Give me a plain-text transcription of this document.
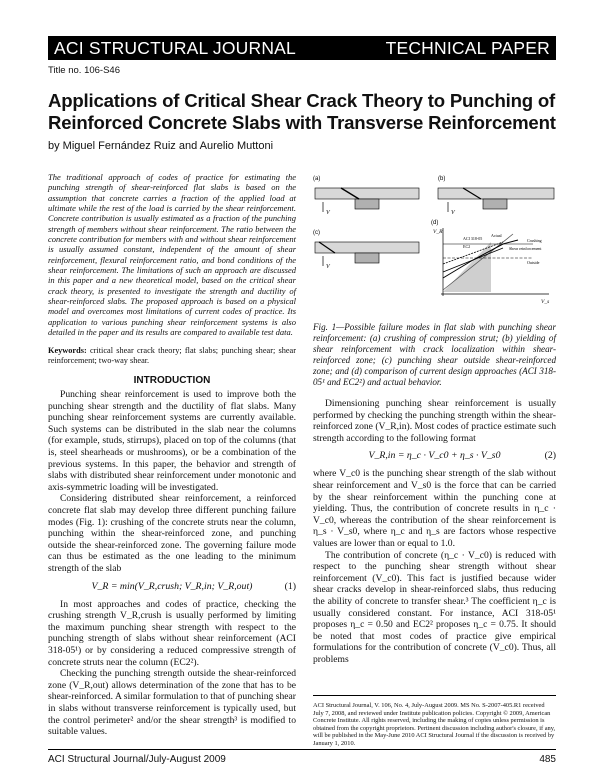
ACI STRUCTURAL JOURNAL	TECHNICAL PAPER
Title no. 106-S46
Applications of Critical Shear Crack Theory to Punching of Reinforced Concrete Slabs with Transverse Reinforcement
by Miguel Fernández Ruiz and Aurelio Muttoni

The traditional approach of codes of practice for estimating the punching strength of shear-reinforced flat slabs is based on the assumption that concrete carries a fraction of the applied load at ultimate while the rest of the load is carried by the shear reinforcement. Concrete contribution is usually estimated as a fraction of the punching strength of members without shear reinforcement. The ratio between the concrete contribution for members with and without shear reinforcement is usually assumed constant, independent of the amount of shear reinforcement, flexural reinforcement ratio, and bond conditions of the shear reinforcement. The limitations of such an approach are discussed in this paper and a new theoretical model, based on the critical shear crack theory, is presented to investigate the strength and ductility of shear-reinforced slabs. The proposed approach is based on a physical model and overcomes most limitations of current codes of practice. Its application to various punching shear reinforcement systems is also detailed in the paper and its results are compared to available test data.

Keywords: critical shear crack theory; flat slabs; punching shear; shear reinforcement; two-way shear.

INTRODUCTION

Punching shear reinforcement is used to improve both the punching shear strength and the ductility of flat slabs. Many punching shear reinforcement systems are currently available. Such systems can be distributed in the slab near the columns (for example, studs, stirrups), placed on top of the columns (that is, steel shearheads or mushrooms), or be a combination of the previous systems. In this paper, the behavior and strength of slabs with distributed shear reinforcement under monotonic and axis-symmetric loading will be investigated.

Considering distributed shear reinforcement, a reinforced concrete flat slab may develop three different punching failure modes (Fig. 1): crushing of the concrete struts near the column, punching within the shear-reinforced zone, and punching outside the shear-reinforced zone. The governing failure mode can thus be estimated as the one leading to the minimum strength of the slab

V_R = min(V_R,crush; V_R,in; V_R,out)	(1)

In most approaches and codes of practice, checking the crushing strength V_R,crush is usually performed by limiting the maximum punching shear strength with respect to the punching strength of slabs without shear reinforcement (ACI 318-05¹) or by considering a reduced compressive strength of concrete struts near the column (EC2²).

Checking the punching strength outside the shear-reinforced zone (V_R,out) allows determination of the zone that has to be shear-reinforced. A similar formulation to that of punching shear in slabs without transverse reinforcement is typically used, but the control perimeter² and/or the shear strength³ is modified to suitable values.

(a)
V
(b)
V
(c)
V
(d)
V_R
V_s
Actual
ACI 318-05
EC2	Shear reinforcement
Crushing
Outside

Fig. 1—Possible failure modes in flat slab with punching shear reinforcement: (a) crushing of compression strut; (b) yielding of shear reinforcement with crack localization within shear-reinforced zone; (c) punching shear outside shear-reinforced zone; and (d) comparison of current design approaches (ACI 318-05¹ and EC2²) and actual behavior.

Dimensioning punching shear reinforcement is usually performed by checking the punching strength within the shear-reinforced zone (V_R,in). Most codes of practice estimate such strength according to the following format

V_R,in = η_c · V_c0 + η_s · V_s0	(2)

where V_c0 is the punching shear strength of the slab without shear reinforcement and V_s0 is the force that can be carried by the shear reinforcement within the punching cone at yielding. Thus, the contribution of concrete results in η_c · V_c0, whereas the contribution of the shear reinforcement is η_s · V_s0, where η_c and η_s are factors whose respective values are lower than or equal to 1.0.

The contribution of concrete (η_c · V_c0) is reduced with respect to the punching shear strength without shear reinforcement (V_c0). This fact is justified because wider shear cracks develop in shear-reinforced slabs, thus reducing the ability of concrete to transfer shear.³ The coefficient η_c is usually considered constant. For instance, ACI 318-05¹ proposes η_c = 0.50 and EC2² proposes η_c = 0.75. It should be noted that most codes of practice give empirical formulations for the contribution of concrete (V_c0). Thus, all problems

ACI Structural Journal, V. 106, No. 4, July-August 2009. MS No. S-2007-405.R1 received July 7, 2008, and reviewed under Institute publication policies. Copyright © 2009, American Concrete Institute. All rights reserved, including the making of copies unless permission is obtained from the copyright proprietors. Pertinent discussion including author's closure, if any, will be published in the May-June 2010 ACI Structural Journal if the discussion is received by January 1, 2010.
ACI Structural Journal/July-August 2009	485
